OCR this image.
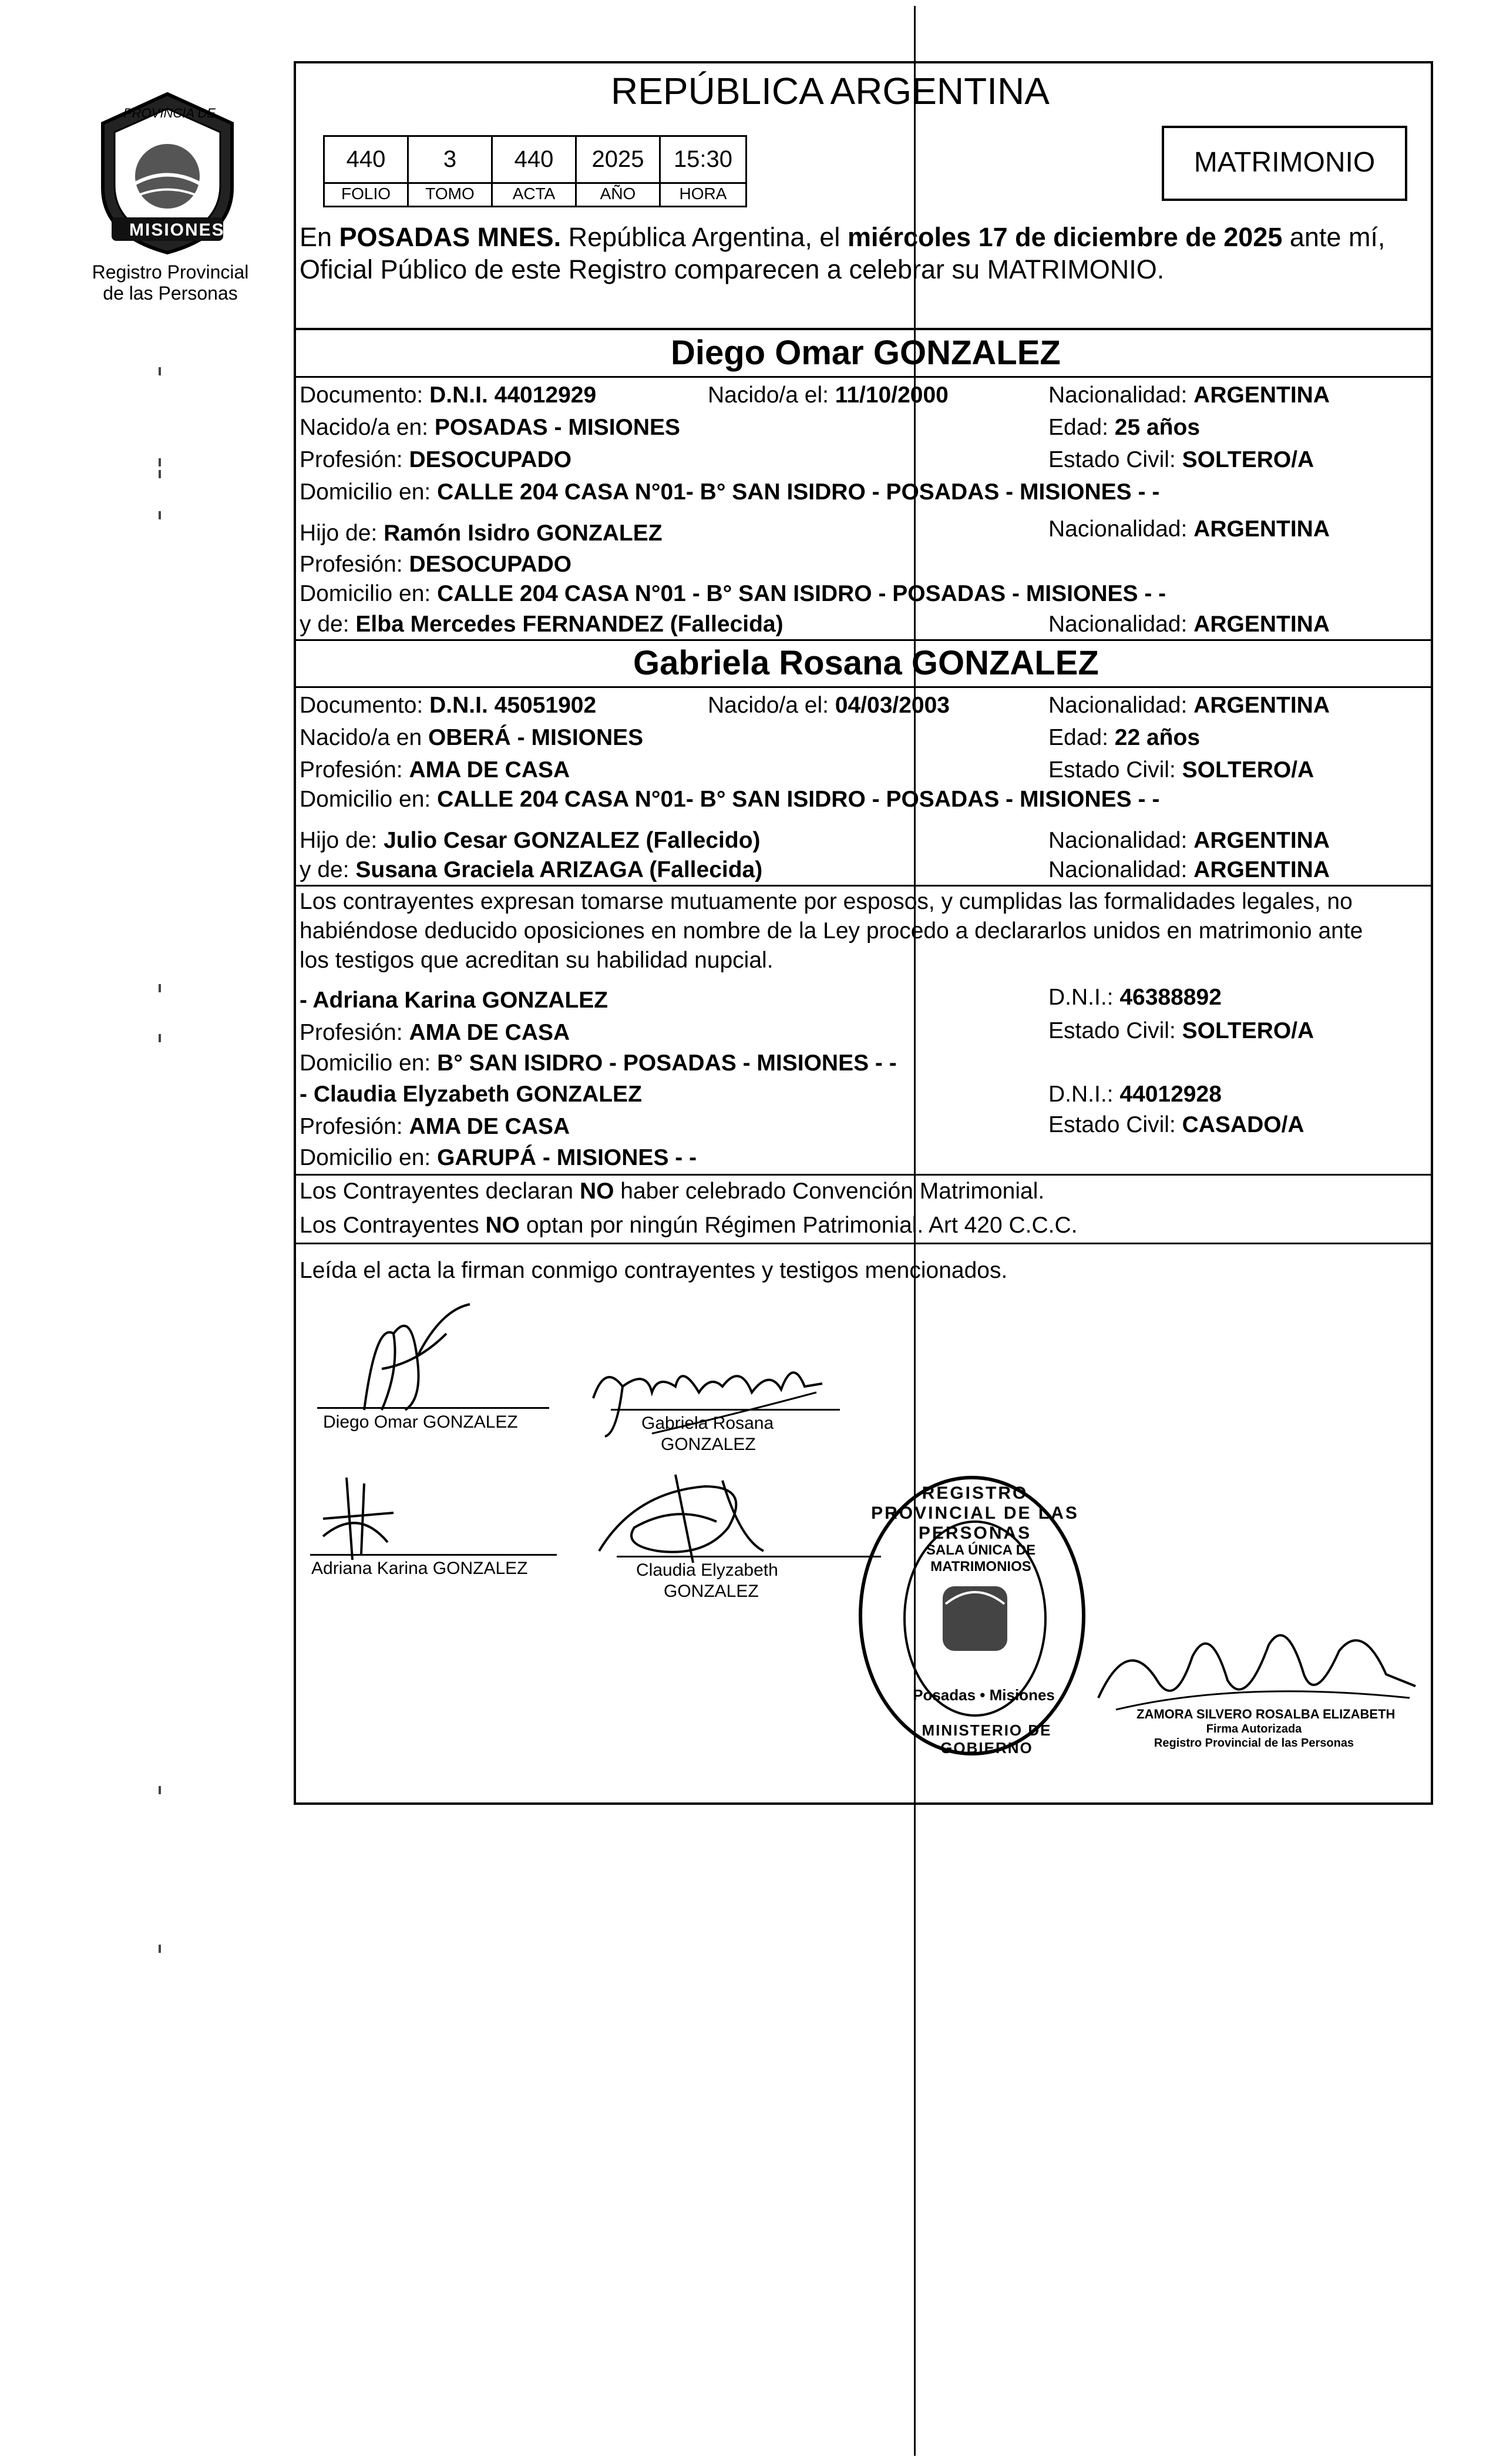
PROVINCIA DE
MISIONES
Registro Provincial
de las Personas
REPÚBLICA ARGENTINA
440	3	440	2025	15:30
FOLIO	TOMO	ACTA	AÑO	HORA
MATRIMONIO
En POSADAS MNES. República Argentina, el miércoles 17 de diciembre de 2025 ante mí,
Oficial Público de este Registro comparecen a celebrar su MATRIMONIO.
Diego Omar GONZALEZ
Documento: D.N.I. 44012929	Nacido/a el: 11/10/2000	Nacionalidad: ARGENTINA
Nacido/a en: POSADAS - MISIONES	Edad: 25 años
Profesión: DESOCUPADO	Estado Civil: SOLTERO/A
Domicilio en: CALLE 204 CASA N°01- B° SAN ISIDRO - POSADAS - MISIONES - -
Hijo de: Ramón Isidro GONZALEZ	Nacionalidad: ARGENTINA
Profesión: DESOCUPADO
Domicilio en: CALLE 204 CASA N°01 - B° SAN ISIDRO - POSADAS - MISIONES - -
y de: Elba Mercedes FERNANDEZ (Fallecida)	Nacionalidad: ARGENTINA
Gabriela Rosana GONZALEZ
Documento: D.N.I. 45051902	Nacido/a el: 04/03/2003	Nacionalidad: ARGENTINA
Nacido/a en OBERÁ - MISIONES	Edad: 22 años
Profesión: AMA DE CASA	Estado Civil: SOLTERO/A
Domicilio en: CALLE 204 CASA N°01- B° SAN ISIDRO - POSADAS - MISIONES - -
Hijo de: Julio Cesar GONZALEZ (Fallecido)	Nacionalidad: ARGENTINA
y de: Susana Graciela ARIZAGA (Fallecida)	Nacionalidad: ARGENTINA
Los contrayentes expresan tomarse mutuamente por esposos, y cumplidas las formalidades legales, no
habiéndose deducido oposiciones en nombre de la Ley procedo a declararlos unidos en matrimonio ante
los testigos que acreditan su habilidad nupcial.
- Adriana Karina GONZALEZ	D.N.I.: 46388892
Profesión: AMA DE CASA	Estado Civil: SOLTERO/A
Domicilio en: B° SAN ISIDRO - POSADAS - MISIONES - -
- Claudia Elyzabeth GONZALEZ	D.N.I.: 44012928
Profesión: AMA DE CASA	Estado Civil: CASADO/A
Domicilio en: GARUPÁ - MISIONES - -
Los Contrayentes declaran NO haber celebrado Convención Matrimonial.
Los Contrayentes NO optan por ningún Régimen Patrimonial. Art 420 C.C.C.
Leída el acta la firman conmigo contrayentes y testigos mencionados.
Diego Omar GONZALEZ	Gabriela Rosana
GONZALEZ
Adriana Karina GONZALEZ	Claudia Elyzabeth
GONZALEZ
REGISTRO PROVINCIAL DE LAS PERSONAS
SALA ÚNICA DE MATRIMONIOS
Posadas • Misiones
MINISTERIO DE GOBIERNO
ZAMORA SILVERO ROSALBA ELIZABETH
Firma Autorizada
Registro Provincial de las Personas
